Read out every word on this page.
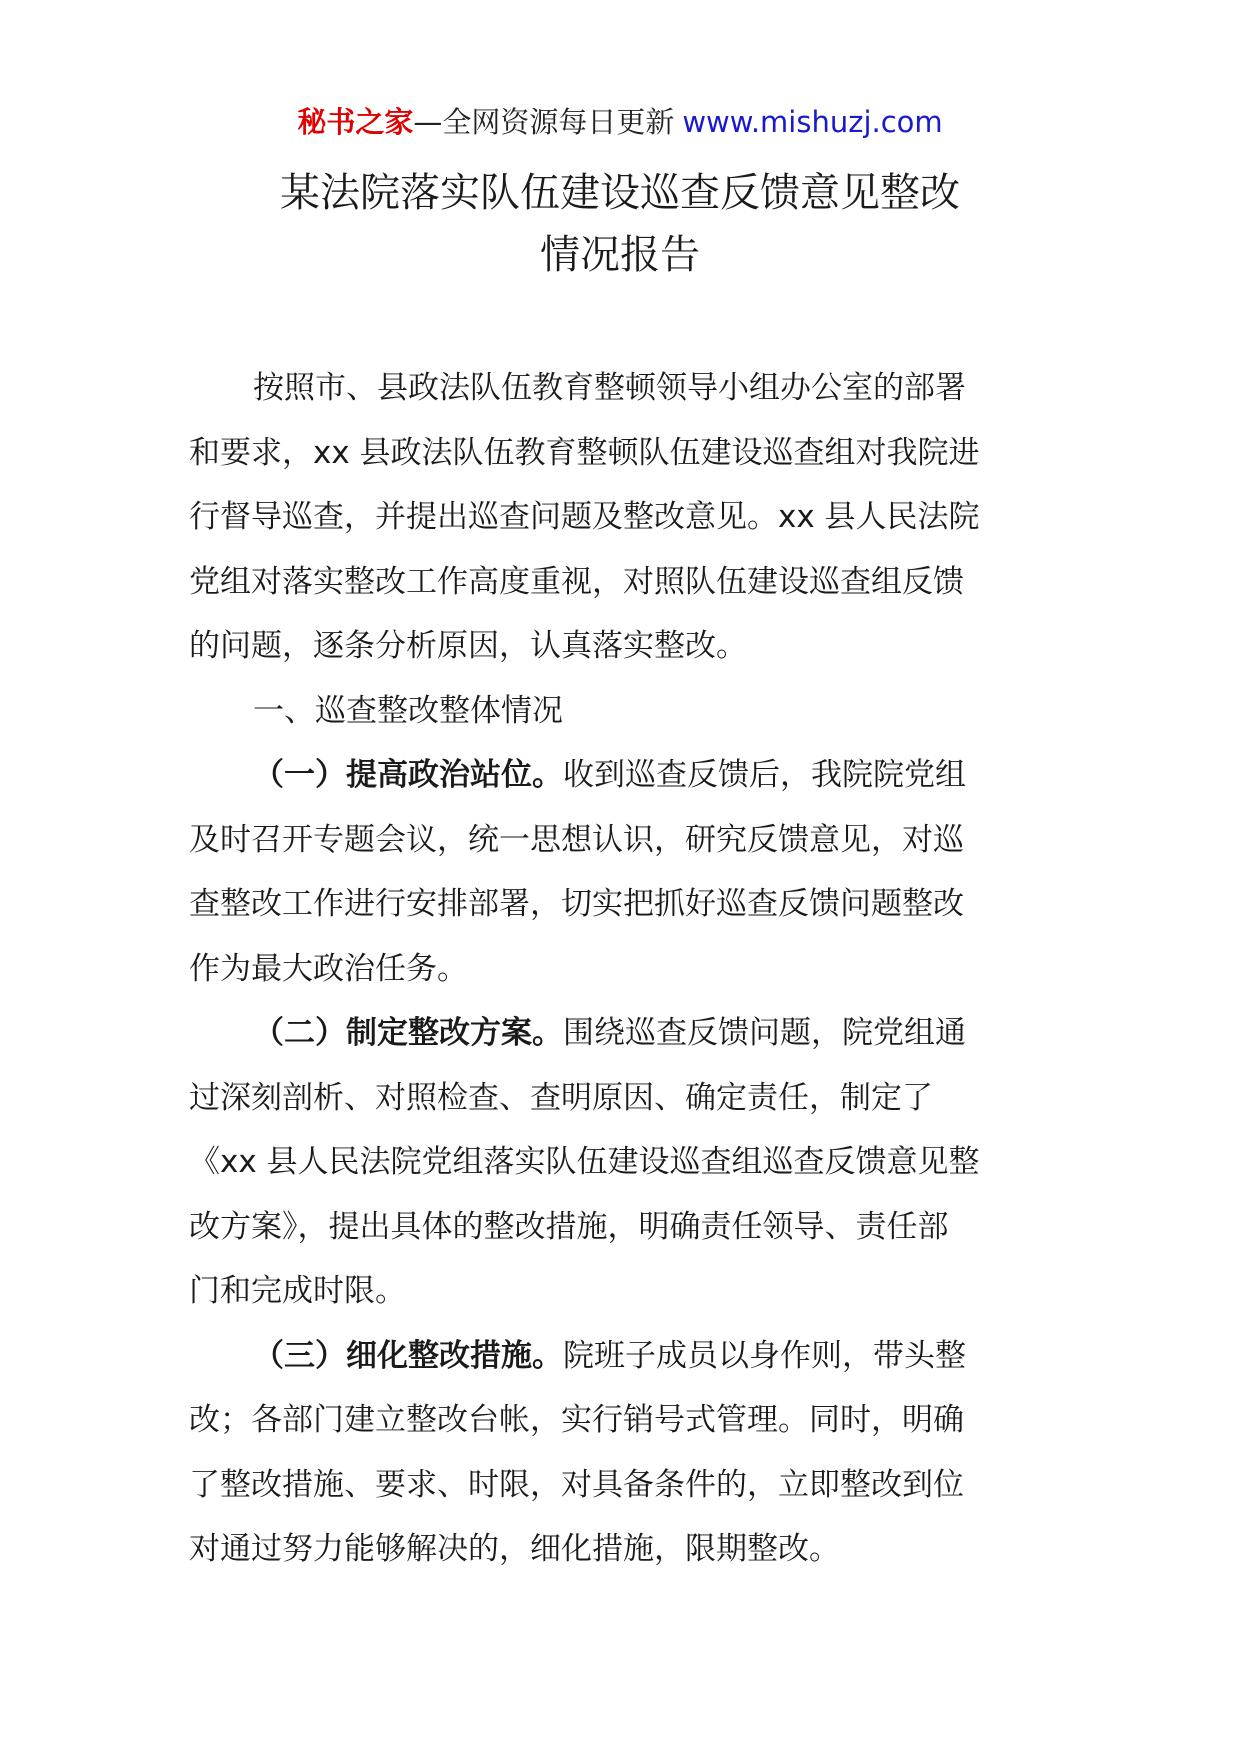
秘书之家—全网资源每日更新 www.mishuzj.com
某法院落实队伍建设巡查反馈意见整改
情况报告
按照市、县政法队伍教育整顿领导小组办公室的部署
和要求，xx 县政法队伍教育整顿队伍建设巡查组对我院进
行督导巡查，并提出巡查问题及整改意见。xx 县人民法院
党组对落实整改工作高度重视，对照队伍建设巡查组反馈
的问题，逐条分析原因，认真落实整改。
一、巡查整改整体情况
（一）提高政治站位。收到巡查反馈后，我院院党组
及时召开专题会议，统一思想认识，研究反馈意见，对巡
查整改工作进行安排部署，切实把抓好巡查反馈问题整改
作为最大政治任务。
（二）制定整改方案。围绕巡查反馈问题，院党组通
过深刻剖析、对照检查、查明原因、确定责任，制定了
《xx 县人民法院党组落实队伍建设巡查组巡查反馈意见整
改方案》，提出具体的整改措施，明确责任领导、责任部
门和完成时限。
（三）细化整改措施。院班子成员以身作则，带头整
改；各部门建立整改台帐，实行销号式管理。同时，明确
了整改措施、要求、时限，对具备条件的，立即整改到位
对通过努力能够解决的，细化措施，限期整改。
